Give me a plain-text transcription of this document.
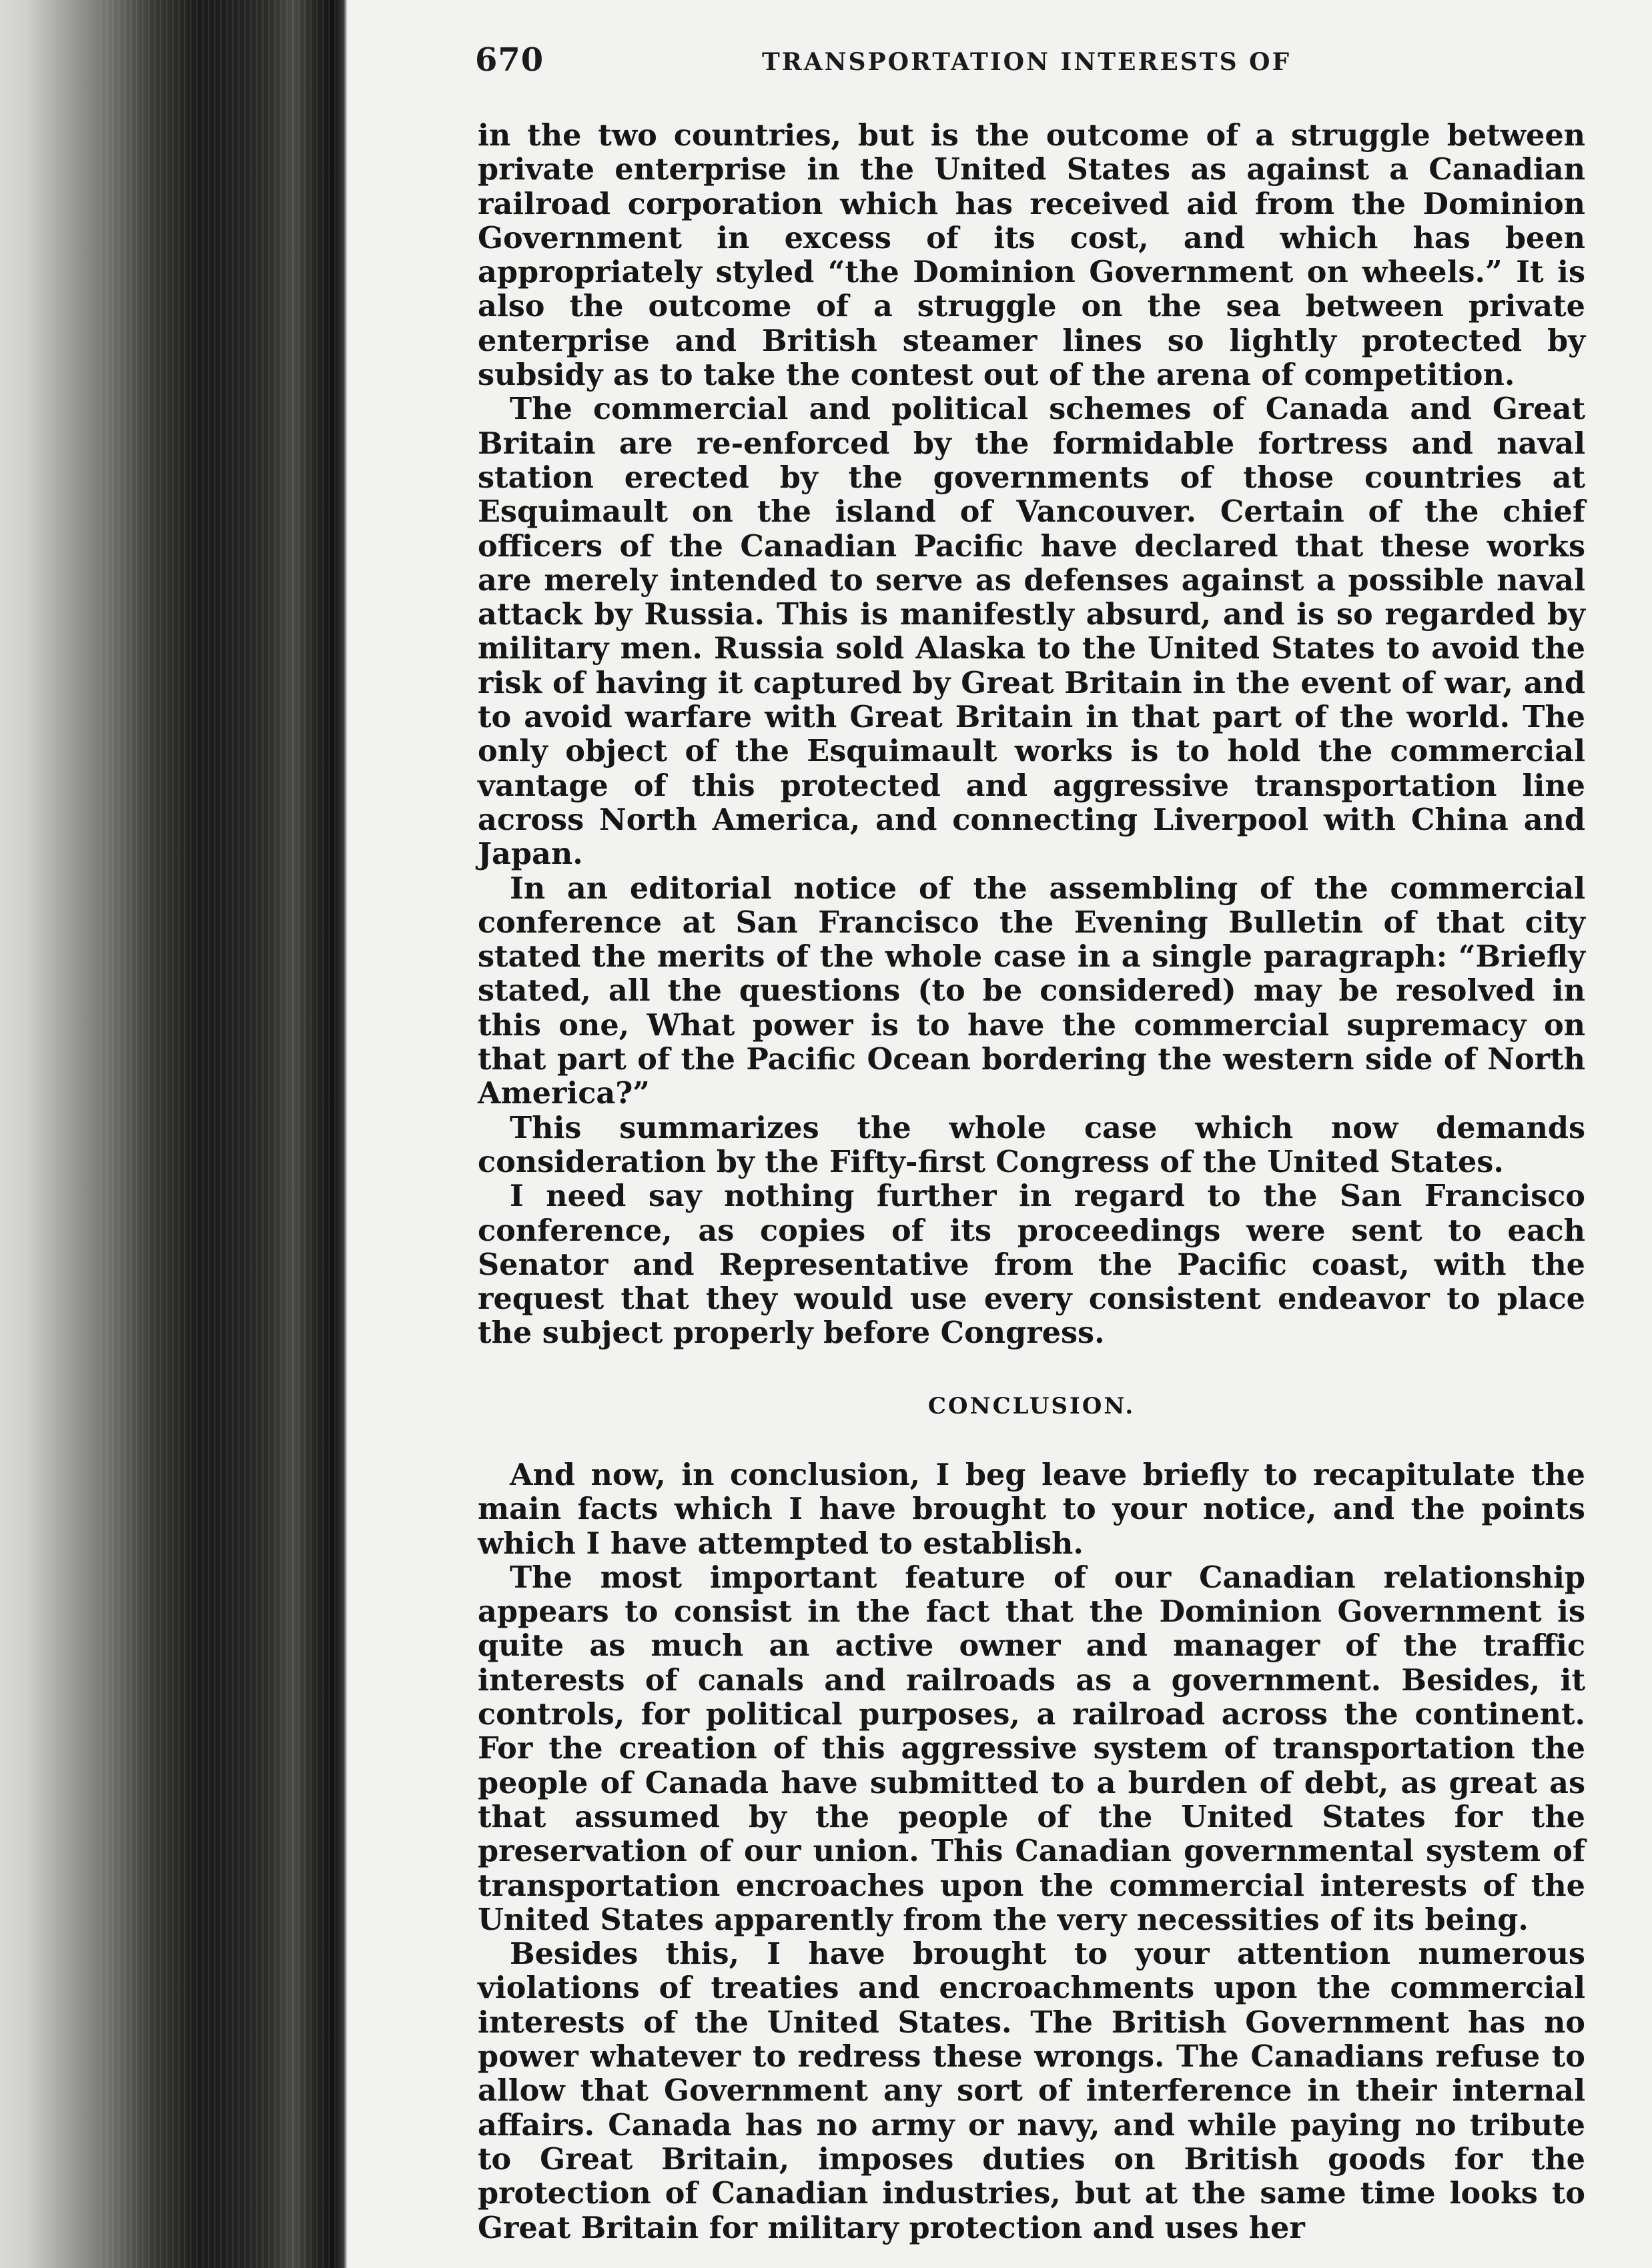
670	TRANSPORTATION INTERESTS OF

in the two countries, but is the outcome of a struggle between private enterprise in the United States as against a Canadian railroad corporation which has received aid from the Dominion Government in excess of its cost, and which has been appropriately styled “the Dominion Government on wheels.” It is also the outcome of a struggle on the sea between private enterprise and British steamer lines so lightly protected by subsidy as to take the contest out of the arena of competition.

The commercial and political schemes of Canada and Great Britain are re-enforced by the formidable fortress and naval station erected by the governments of those countries at Esquimault on the island of Vancouver. Certain of the chief officers of the Canadian Pacific have declared that these works are merely intended to serve as defenses against a possible naval attack by Russia. This is manifestly absurd, and is so regarded by military men. Russia sold Alaska to the United States to avoid the risk of having it captured by Great Britain in the event of war, and to avoid warfare with Great Britain in that part of the world. The only object of the Esquimault works is to hold the commercial vantage of this protected and aggressive transportation line across North America, and connecting Liverpool with China and Japan.

In an editorial notice of the assembling of the commercial conference at San Francisco the Evening Bulletin of that city stated the merits of the whole case in a single paragraph: “Briefly stated, all the questions (to be considered) may be resolved in this one, What power is to have the commercial supremacy on that part of the Pacific Ocean bordering the western side of North America?”

This summarizes the whole case which now demands consideration by the Fifty-first Congress of the United States.

I need say nothing further in regard to the San Francisco conference, as copies of its proceedings were sent to each Senator and Representative from the Pacific coast, with the request that they would use every consistent endeavor to place the subject properly before Congress.

CONCLUSION.

And now, in conclusion, I beg leave briefly to recapitulate the main facts which I have brought to your notice, and the points which I have attempted to establish.

The most important feature of our Canadian relationship appears to consist in the fact that the Dominion Government is quite as much an active owner and manager of the traffic interests of canals and railroads as a government. Besides, it controls, for political purposes, a railroad across the continent. For the creation of this aggressive system of transportation the people of Canada have submitted to a burden of debt, as great as that assumed by the people of the United States for the preservation of our union. This Canadian governmental system of transportation encroaches upon the commercial interests of the United States apparently from the very necessities of its being.

Besides this, I have brought to your attention numerous violations of treaties and encroachments upon the commercial interests of the United States. The British Government has no power whatever to redress these wrongs. The Canadians refuse to allow that Government any sort of interference in their internal affairs. Canada has no army or navy, and while paying no tribute to Great Britain, imposes duties on British goods for the protection of Canadian industries, but at the same time looks to Great Britain for military protection and uses her
